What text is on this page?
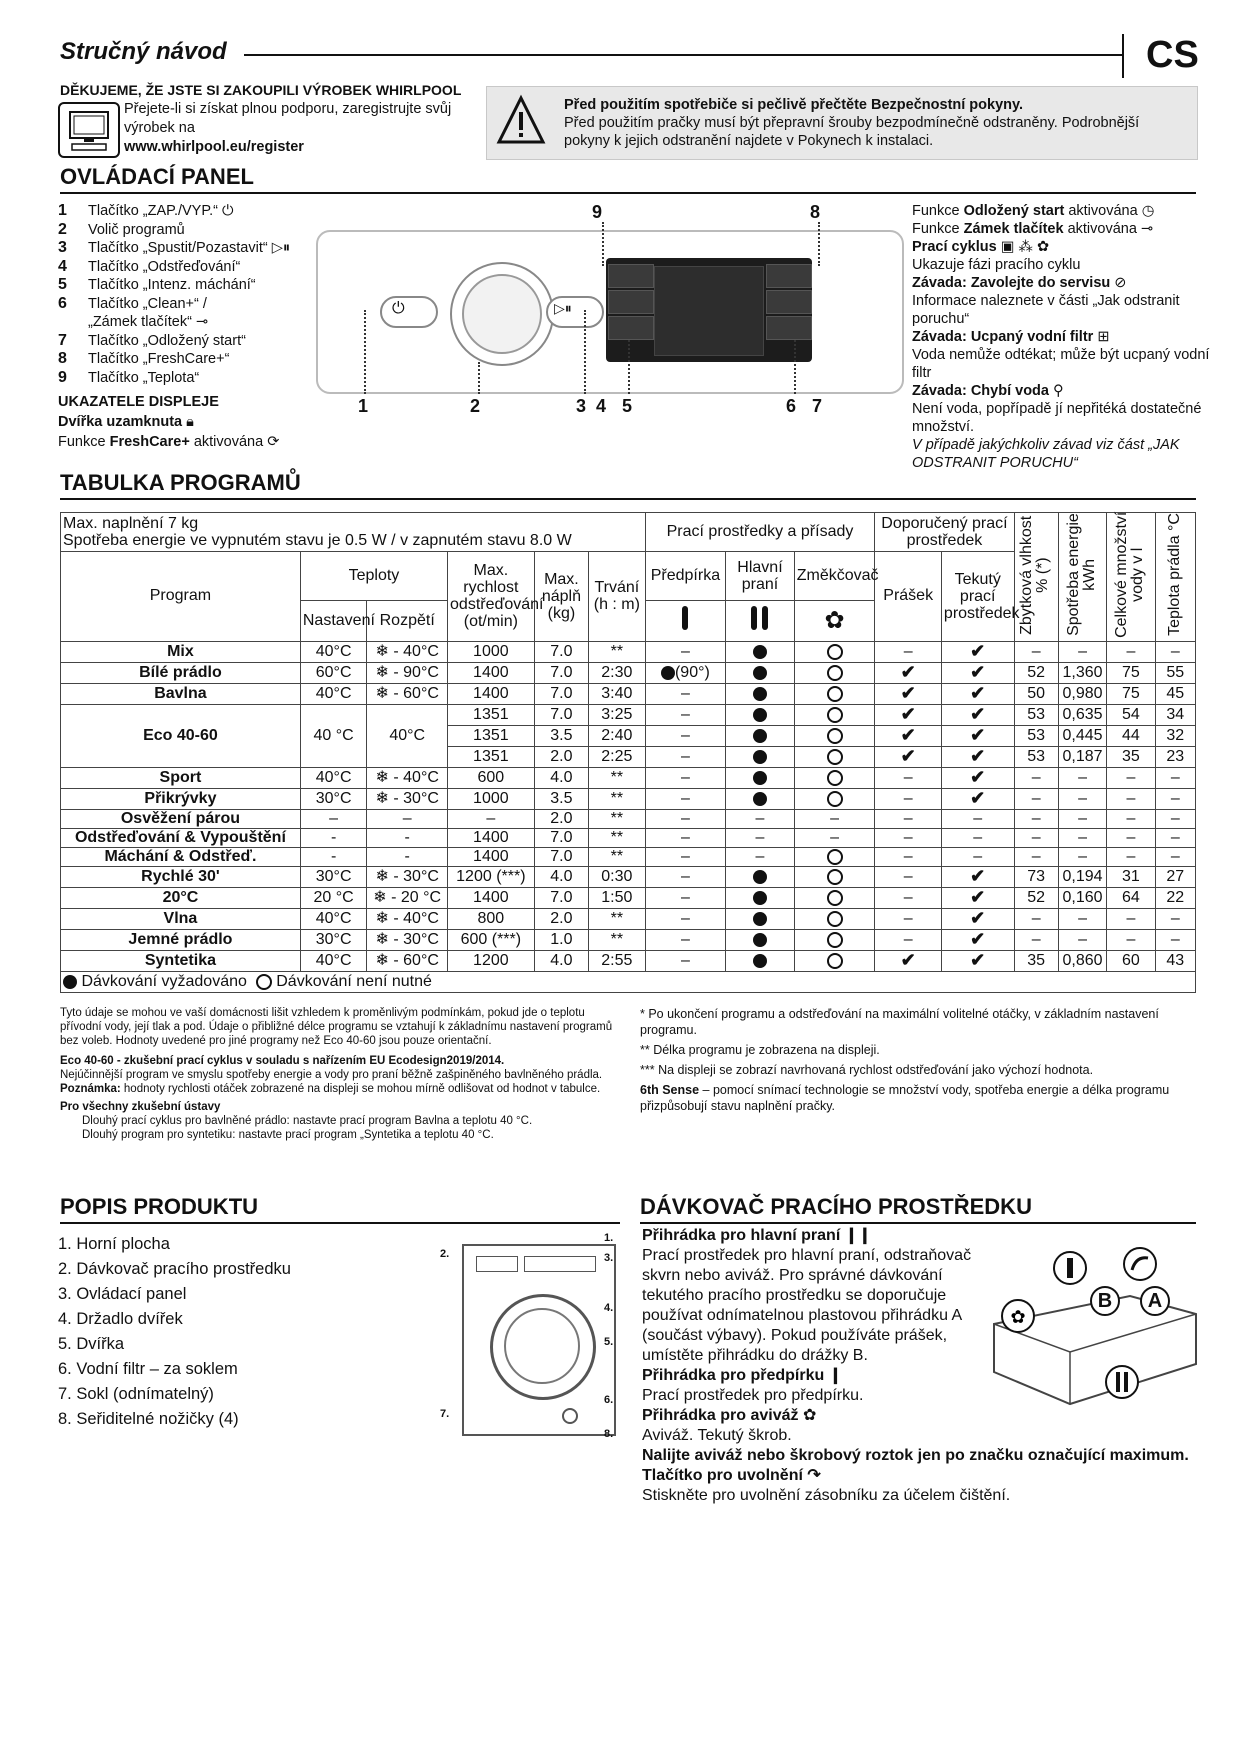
Stručný návod	CS
DĚKUJEME, ŽE JSTE SI ZAKOUPILI VÝROBEK WHIRLPOOL
Přejete-li si získat plnou podporu, zaregistrujte svůj výrobek na
www.whirlpool.eu/register
Před použitím spotřebiče si pečlivě přečtěte Bezpečnostní pokyny.
Před použitím pračky musí být přepravní šrouby bezpodmínečně odstraněny. Podrobnější pokyny k jejich odstranění najdete v Pokynech k instalaci.
OVLÁDACÍ PANEL
1	Tlačítko „ZAP./VYP.“ ⏻
2	Volič programů
3	Tlačítko „Spustit/Pozastavit“ ▷⏸
4	Tlačítko „Odstřeďování“
5	Tlačítko „Intenz. máchání“
6	Tlačítko „Clean+“ /
„Zámek tlačítek“ ⊸
7	Tlačítko „Odložený start“
8	Tlačítko „FreshCare+“
9	Tlačítko „Teplota“
UKAZATELE DISPLEJE
Dvířka uzamknuta 🔒︎
Funkce FreshCare+ aktivována ⟳
⏻	▷⏸
9	8
1	2	3 4 5	6 7
Funkce Odložený start aktivována ◷
Funkce Zámek tlačítek aktivována ⊸
Prací cyklus ▣ ⁂ ✿
Ukazuje fázi pracího cyklu
Závada: Zavolejte do servisu ⊘
Informace naleznete v části „Jak odstranit poruchu“
Závada: Ucpaný vodní filtr ⊞
Voda nemůže odtékat; může být ucpaný vodní filtr
Závada: Chybí voda ⚲
Není voda, popřípadě jí nepřitéká dostatečné množství.
V případě jakýchkoliv závad viz část „JAK ODSTRANIT PORUCHU“
TABULKA PROGRAMŮ
Max. naplnění 7 kg
Spotřeba energie ve vypnutém stavu je 0.5 W / v zapnutém stavu 8.0 W						Prací prostředky a přísady			Doporučený prací prostředek		Zbytková vlhkost % (*)	Spotřeba energie kWh	Celkové množství vody v l	Teplota prádla °C
Program	Teploty		Max. rychlost odstřeďování (ot/min)	Max. náplň (kg)	Trvání (h : m)	Předpírka	Hlavní praní	Změkčovač	Prášek	Tekutý prací prostředek				
	Nastavení	Rozpětí						✿						
Mix	40°C	❄ - 40°C	1000	7.0	**	–			–	✔	–	–	–	–
Bílé prádlo	60°C	❄ - 90°C	1400	7.0	2:30	(90°)			✔	✔	52	1,360	75	55
Bavlna	40°C	❄ - 60°C	1400	7.0	3:40	–			✔	✔	50	0,980	75	45
Eco 40-60	40 °C	40°C	1351	7.0	3:25	–			✔	✔	53	0,635	54	34
			1351	3.5	2:40	–			✔	✔	53	0,445	44	32
			1351	2.0	2:25	–			✔	✔	53	0,187	35	23
Sport	40°C	❄ - 40°C	600	4.0	**	–			–	✔	–	–	–	–
Přikrývky	30°C	❄ - 30°C	1000	3.5	**	–			–	✔	–	–	–	–
Osvěžení párou	–	–	–	2.0	**	–	–	–	–	–	–	–	–	–
Odstřeďování & Vypouštění	-	-	1400	7.0	**	–	–	–	–	–	–	–	–	–
Máchání & Odstřeď.	-	-	1400	7.0	**	–	–		–	–	–	–	–	–
Rychlé 30'	30°C	❄ - 30°C	1200 (***)	4.0	0:30	–			–	✔	73	0,194	31	27
20°C	20 °C	❄ - 20 °C	1400	7.0	1:50	–			–	✔	52	0,160	64	22
Vlna	40°C	❄ - 40°C	800	2.0	**	–			–	✔	–	–	–	–
Jemné prádlo	30°C	❄ - 30°C	600 (***)	1.0	**	–			–	✔	–	–	–	–
Syntetika	40°C	❄ - 60°C	1200	4.0	2:55	–			✔	✔	35	0,860	60	43
Dávkování vyžadováno Dávkování není nutné														
Tyto údaje se mohou ve vaší domácnosti lišit vzhledem k proměnlivým podmínkám, pokud jde o teplotu přívodní vody, její tlak a pod. Údaje o přibližné délce programu se vztahují k základnímu nastavení programů bez voleb. Hodnoty uvedené pro jiné programy než Eco 40-60 jsou pouze orientační.
Eco 40-60 - zkušební prací cyklus v souladu s nařízením EU Ecodesign2019/2014.
Nejúčinnější program ve smyslu spotřeby energie a vody pro praní běžně zašpiněného bavlněného prádla.
Poznámka: hodnoty rychlosti otáček zobrazené na displeji se mohou mírně odlišovat od hodnot v tabulce.
Pro všechny zkušební ústavy
Dlouhý prací cyklus pro bavlněné prádlo: nastavte prací program Bavlna a teplotu 40 °C.
Dlouhý program pro syntetiku: nastavte prací program „Syntetika a teplotu 40 °C.
* Po ukončení programu a odstřeďování na maximální volitelné otáčky, v základním nastavení programu.
** Délka programu je zobrazena na displeji.
*** Na displeji se zobrazí navrhovaná rychlost odstřeďování jako výchozí hodnota.
6th Sense – pomocí snímací technologie se množství vody, spotřeba energie a délka programu přizpůsobují stavu naplnění pračky.
POPIS PRODUKTU
1. Horní plocha
2. Dávkovač pracího prostředku
3. Ovládací panel
4. Držadlo dvířek
5. Dvířka
6. Vodní filtr – za soklem
7. Sokl (odnímatelný)
8. Seřiditelné nožičky (4)
2.
1.
3.
4.
5.
6.
7.
8.
DÁVKOVAČ PRACÍHO PROSTŘEDKU
Přihrádka pro hlavní praní ❙❙
Prací prostředek pro hlavní praní, odstraňovač skvrn nebo aviváž. Pro správné dávkování tekutého pracího prostředku se doporučuje používat odnímatelnou plastovou přihrádku A (součást výbavy). Pokud používáte prášek, umístěte přihrádku do drážky B.
Přihrádka pro předpírku ❙
Prací prostředek pro předpírku.
Přihrádka pro aviváž ✿
Aviváž. Tekutý škrob.
Nalijte aviváž nebo škrobový roztok jen po značku označující maximum.
Tlačítko pro uvolnění ↷
Stiskněte pro uvolnění zásobníku za účelem čištění.
✿
B	A
